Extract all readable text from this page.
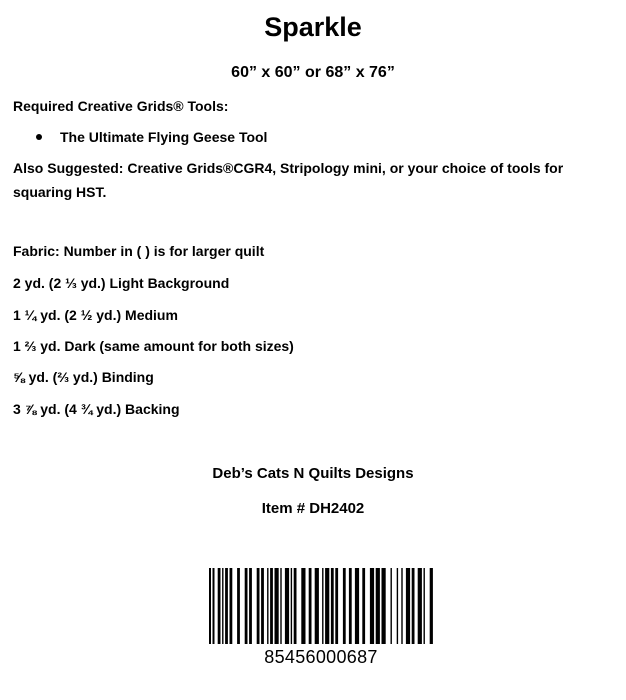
Sparkle
60” x 60” or 68” x 76”
Required Creative Grids® Tools:
The Ultimate Flying Geese Tool
Also Suggested: Creative Grids®CGR4, Stripology mini, or your choice of tools for squaring HST.
Fabric: Number in ( ) is for larger quilt
2 yd. (2 ⅓ yd.) Light Background
1 ¼ yd. (2 ½ yd.) Medium
1 ⅔ yd. Dark (same amount for both sizes)
⅝ yd. (⅔ yd.) Binding
3 ⅞ yd. (4 ¾ yd.) Backing
Deb’s Cats N Quilts Designs
Item # DH2402
85456000687
